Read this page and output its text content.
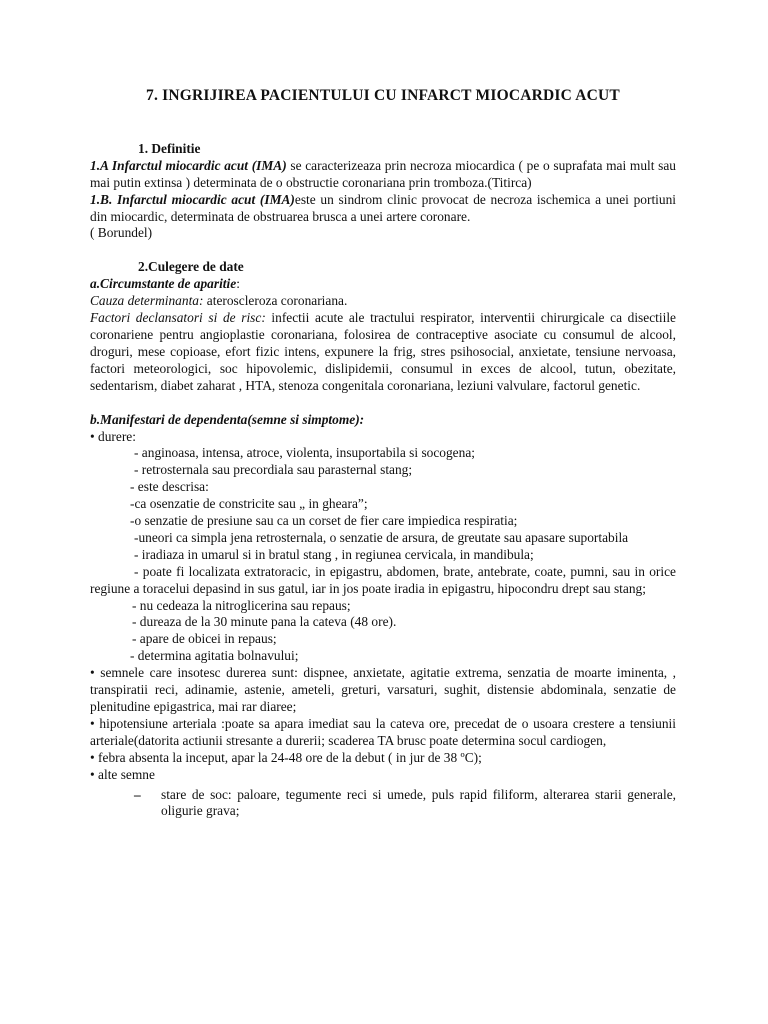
7. INGRIJIREA PACIENTULUI CU INFARCT MIOCARDIC ACUT
1. Definitie
1.A Infarctul miocardic acut (IMA) se caracterizeaza prin necroza miocardica ( pe o suprafata mai mult sau mai putin extinsa ) determinata de o obstructie coronariana prin tromboza.(Titirca)
1.B. Infarctul miocardic acut (IMA)este un sindrom clinic provocat de necroza ischemica a unei portiuni din miocardic, determinata de obstruarea brusca a unei artere coronare.
( Borundel)
2.Culegere de date
a.Circumstante de aparitie:
Cauza determinanta: ateroscleroza coronariana.
Factori declansatori si de risc: infectii acute ale tractului respirator, interventii chirurgicale ca disectiile coronariene pentru angioplastie coronariana, folosirea de contraceptive asociate cu consumul de alcool, droguri, mese copioase, efort fizic intens, expunere la frig, stres psihosocial, anxietate, tensiune nervoasa, factori meteorologici, soc hipovolemic, dislipidemii, consumul in exces de alcool, tutun, obezitate, sedentarism, diabet zaharat , HTA, stenoza congenitala coronariana, leziuni valvulare, factorul genetic.
b.Manifestari de dependenta(semne si simptome):
• durere:
- anginoasa, intensa, atroce, violenta, insuportabila si socogena;
- retrosternala sau precordiala sau parasternal stang;
- este descrisa:
-ca osenzatie de constricite sau „ in gheara”;
-o senzatie de presiune sau ca un corset de fier care impiedica respiratia;
-uneori ca simpla jena retrosternala, o senzatie de arsura, de greutate sau apasare suportabila
- iradiaza in umarul si in bratul stang , in regiunea cervicala, in mandibula;
- poate fi localizata extratoracic, in epigastru, abdomen, brate, antebrate, coate, pumni, sau in orice regiune a toracelui depasind in sus gatul, iar in jos poate iradia in epigastru, hipocondru drept sau stang;
- nu cedeaza la nitroglicerina sau repaus;
- dureaza de la 30 minute pana la cateva (48 ore).
- apare de obicei in repaus;
- determina agitatia bolnavului;
• semnele care insotesc durerea sunt: dispnee, anxietate, agitatie extrema, senzatia de moarte iminenta, , transpiratii reci, adinamie, astenie, ameteli, greturi, varsaturi, sughit, distensie abdominala, senzatie de plenitudine epigastrica, mai rar diaree;
• hipotensiune arteriala :poate sa apara imediat sau la cateva ore, precedat de o usoara crestere a tensiunii arteriale(datorita actiunii stresante a durerii; scaderea TA brusc poate determina socul cardiogen,
• febra absenta la inceput, apar la 24-48 ore de la debut ( in jur de 38 ºC);
• alte semne
–	stare de soc: paloare, tegumente reci si umede, puls rapid filiform, alterarea starii generale, oligurie grava;
